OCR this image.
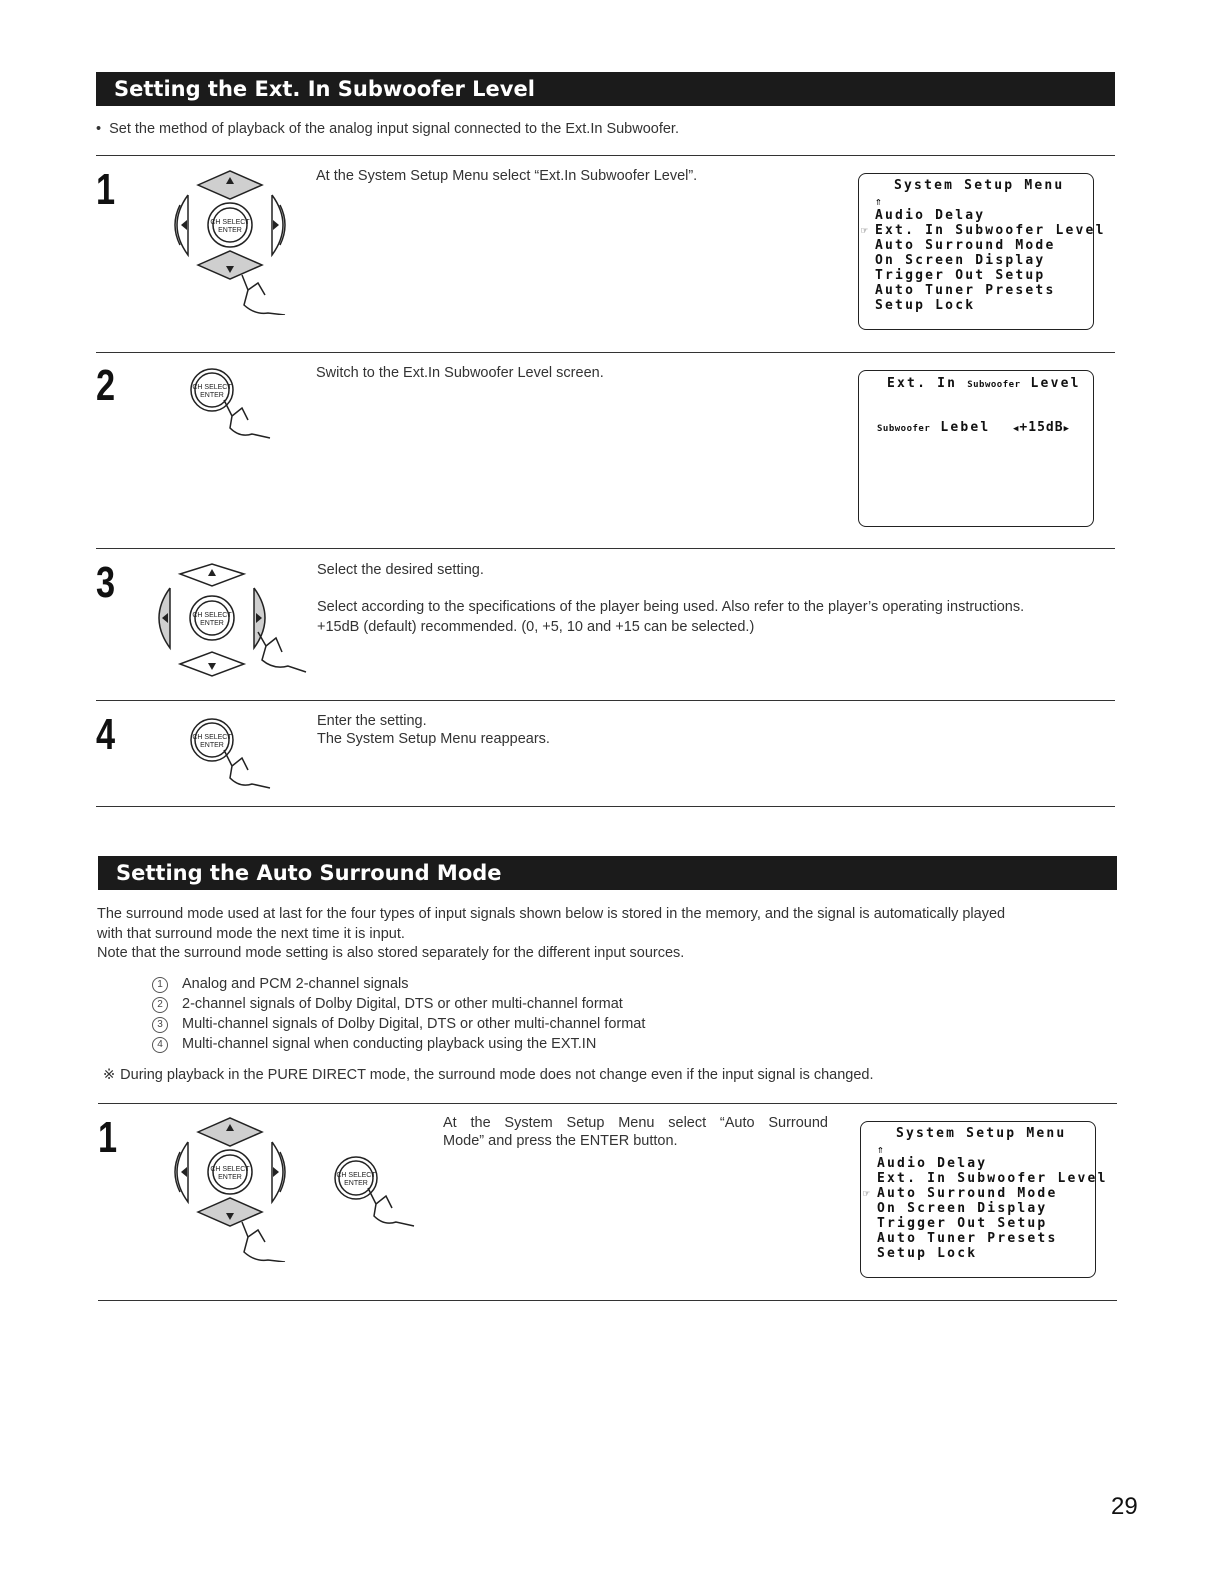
Setting the Ext. In Subwoofer Level
• Set the method of playback of the analog input signal connected to the Ext.In Subwoofer.
1
CH SELECT
ENTER
At the System Setup Menu select “Ext.In Subwoofer Level”.
System Setup Menu
⇑
Audio Delay
☞ Ext. In Subwoofer Level
Auto Surround Mode
On Screen Display
Trigger Out Setup
Auto Tuner Presets
Setup Lock
2	CH SELECT
ENTER
Switch to the Ext.In Subwoofer Level screen.
Ext. In Subwoofer Level
Subwoofer Lebel	◀+15dB▶
3
CH SELECT
ENTER
Select the desired setting.
Select according to the specifications of the player being used. Also refer to the player’s operating instructions.
+15dB (default) recommended. (0, +5, 10 and +15 can be selected.)
4	CH SELECT
ENTER
Enter the setting.
The System Setup Menu reappears.
Setting the Auto Surround Mode
The surround mode used at last for the four types of input signals shown below is stored in the memory, and the signal is automatically played
with that surround mode the next time it is input.
Note that the surround mode setting is also stored separately for the different input sources.
1 Analog and PCM 2-channel signals
2 2-channel signals of Dolby Digital, DTS or other multi-channel format
3 Multi-channel signals of Dolby Digital, DTS or other multi-channel format
4 Multi-channel signal when conducting playback using the EXT.IN
※ During playback in the PURE DIRECT mode, the surround mode does not change even if the input signal is changed.
1
CH SELECT
ENTER	CH SELECT
ENTER
At the System Setup Menu select “Auto Surround
Mode” and press the ENTER button.	System Setup Menu
⇑
Audio Delay
Ext. In Subwoofer Level
☞ Auto Surround Mode
On Screen Display
Trigger Out Setup
Auto Tuner Presets
Setup Lock
29
